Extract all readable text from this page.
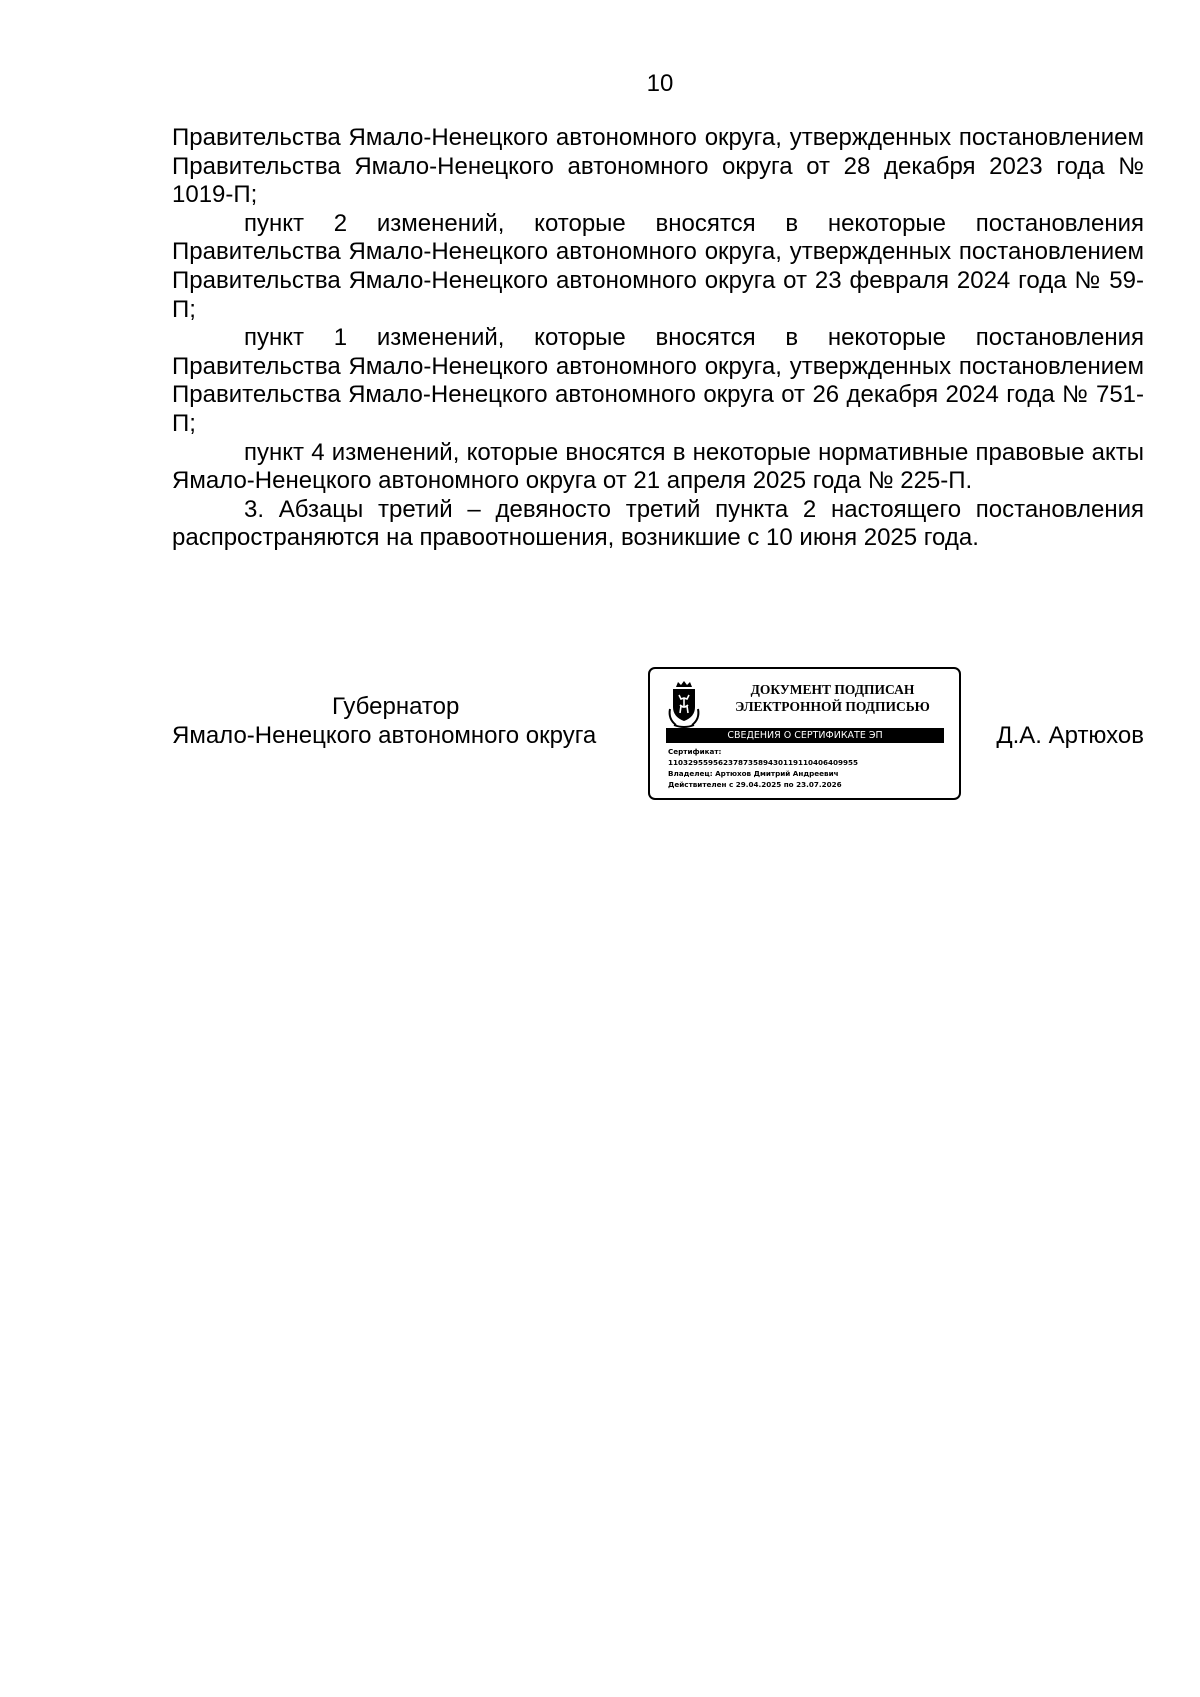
10

Правительства Ямало-Ненецкого автономного округа, утвержденных постановлением Правительства Ямало-Ненецкого автономного округа от 28 декабря 2023 года № 1019-П;

пункт 2 изменений, которые вносятся в некоторые постановления Правительства Ямало-Ненецкого автономного округа, утвержденных постановлением Правительства Ямало-Ненецкого автономного округа от 23 февраля 2024 года № 59-П;

пункт 1 изменений, которые вносятся в некоторые постановления Правительства Ямало-Ненецкого автономного округа, утвержденных постановлением Правительства Ямало-Ненецкого автономного округа от 26 декабря 2024 года № 751-П;

пункт 4 изменений, которые вносятся в некоторые нормативные правовые акты Ямало-Ненецкого автономного округа от 21 апреля 2025 года № 225-П.

3. Абзацы третий – девяносто третий пункта 2 настоящего постановления распространяются на правоотношения, возникшие с 10 июня 2025 года.

Губернатор
Ямало-Ненецкого автономного округа
ДОКУМЕНТ ПОДПИСАН
ЭЛЕКТРОННОЙ ПОДПИСЬЮ
СВЕДЕНИЯ О СЕРТИФИКАТЕ ЭП
Сертификат:
11032955956237873589430119110406409955
Владелец: Артюхов Дмитрий Андреевич
Действителен с 29.04.2025 по 23.07.2026
Д.А. Артюхов
